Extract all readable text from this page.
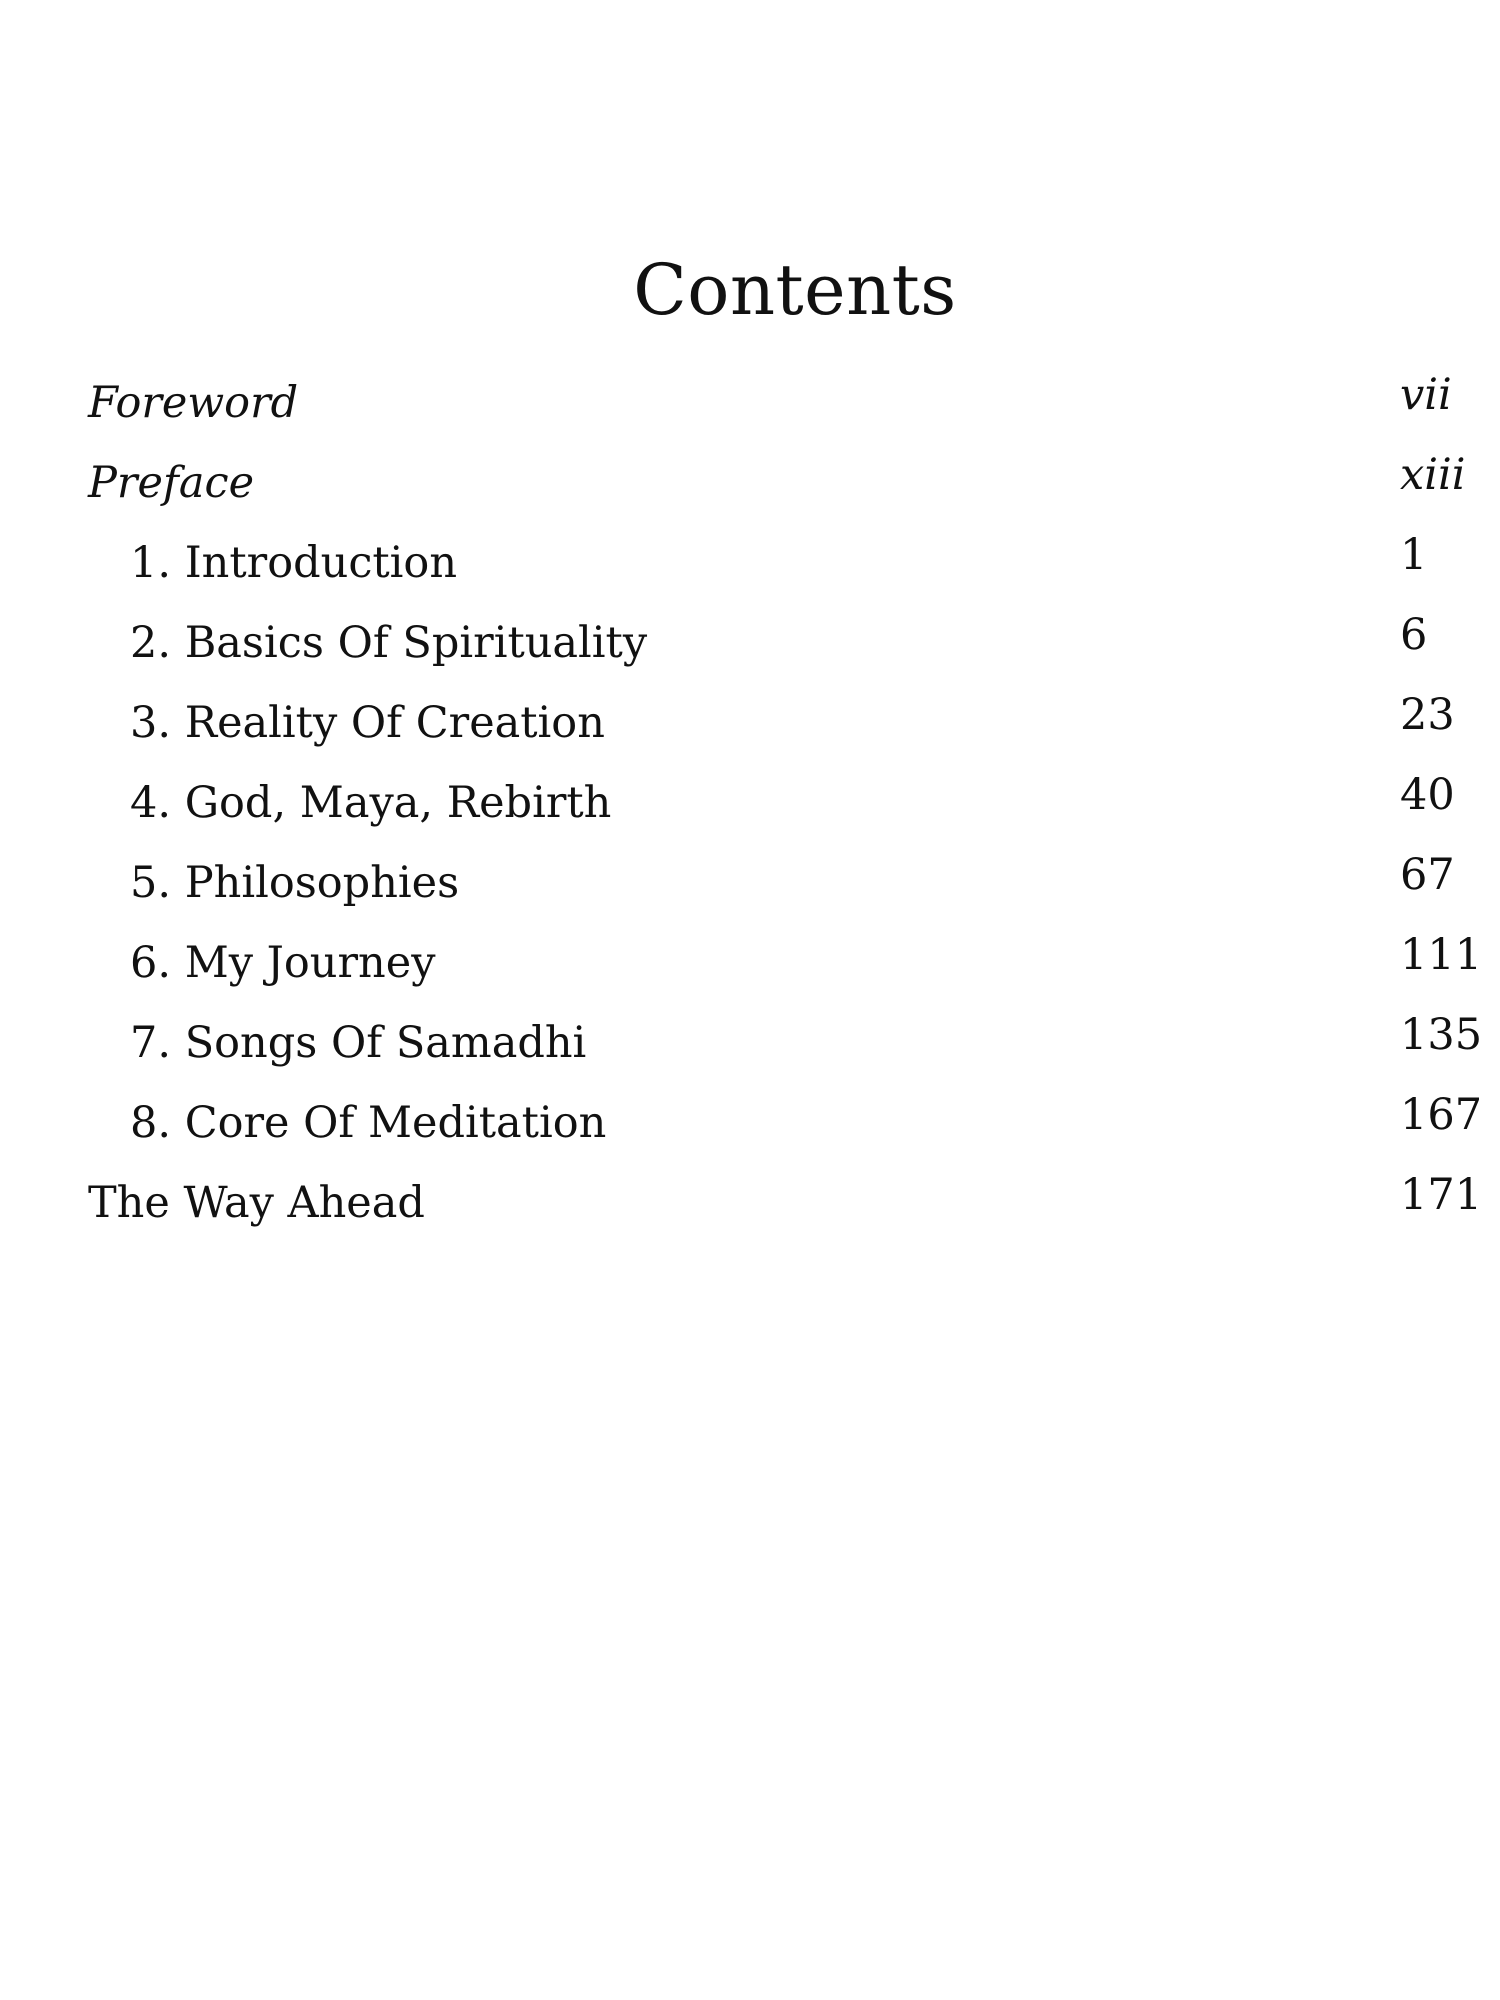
Contents
Foreword	vii
Preface	xiii
1. Introduction	1
2. Basics Of Spirituality	6
3. Reality Of Creation	23
4. God, Maya, Rebirth	40
5. Philosophies	67
6. My Journey	111
7. Songs Of Samadhi	135
8. Core Of Meditation	167
The Way Ahead	171
